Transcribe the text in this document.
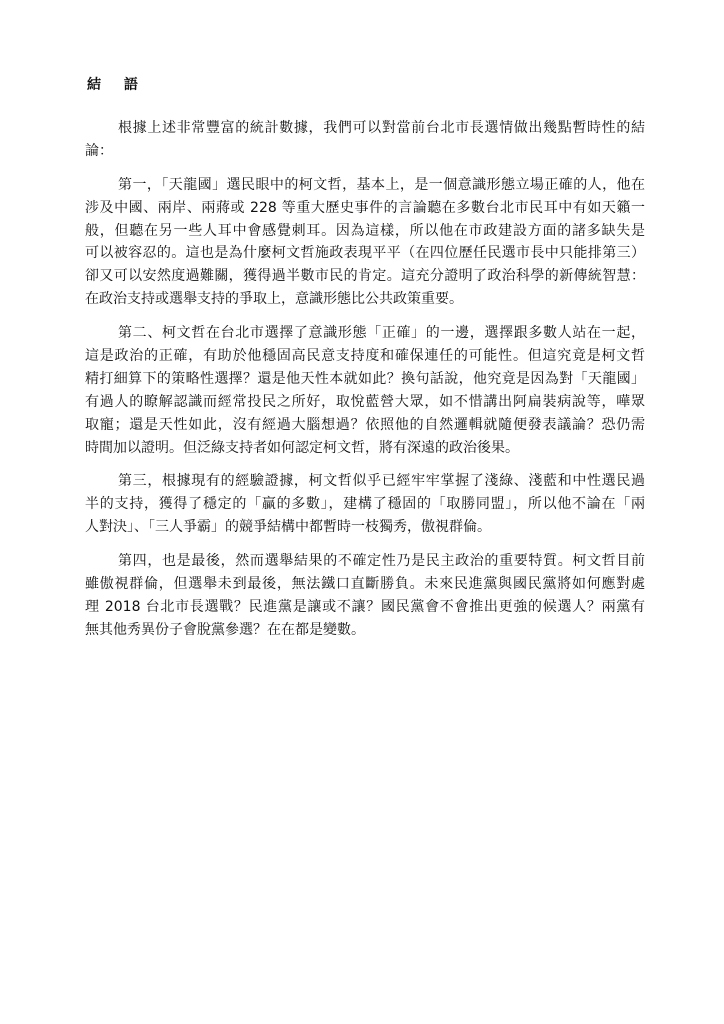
結 語
根據上述非常豐富的統計數據，我們可以對當前台北市長選情做出幾點暫時性的結
論：
第一，「天龍國」選民眼中的柯文哲，基本上，是一個意識形態立場正確的人，他在
涉及中國、兩岸、兩蔣或 228 等重大歷史事件的言論聽在多數台北市民耳中有如天籟一
般，但聽在另一些人耳中會感覺刺耳。因為這樣，所以他在市政建設方面的諸多缺失是
可以被容忍的。這也是為什麼柯文哲施政表現平平（在四位歷任民選市長中只能排第三）
卻又可以安然度過難關，獲得過半數市民的肯定。這充分證明了政治科學的新傳統智慧：
在政治支持或選舉支持的爭取上，意識形態比公共政策重要。
第二、柯文哲在台北市選擇了意識形態「正確」的一邊，選擇跟多數人站在一起，
這是政治的正確，有助於他穩固高民意支持度和確保連任的可能性。但這究竟是柯文哲
精打細算下的策略性選擇？還是他天性本就如此？換句話說，他究竟是因為對「天龍國」
有過人的瞭解認識而經常投民之所好，取悅藍營大眾，如不惜講出阿扁裝病說等，嘩眾
取寵；還是天性如此，沒有經過大腦想過？依照他的自然邏輯就隨便發表議論？恐仍需
時間加以證明。但泛綠支持者如何認定柯文哲，將有深遠的政治後果。
第三，根據現有的經驗證據，柯文哲似乎已經牢牢掌握了淺綠、淺藍和中性選民過
半的支持，獲得了穩定的「贏的多數」，建構了穩固的「取勝同盟」，所以他不論在「兩
人對決」、「三人爭霸」的競爭結構中都暫時一枝獨秀，傲視群倫。
第四，也是最後，然而選舉結果的不確定性乃是民主政治的重要特質。柯文哲目前
雖傲視群倫，但選舉未到最後，無法鐵口直斷勝負。未來民進黨與國民黨將如何應對處
理 2018 台北市長選戰？民進黨是讓或不讓？國民黨會不會推出更強的候選人？兩黨有
無其他秀異份子會脫黨參選？在在都是變數。
